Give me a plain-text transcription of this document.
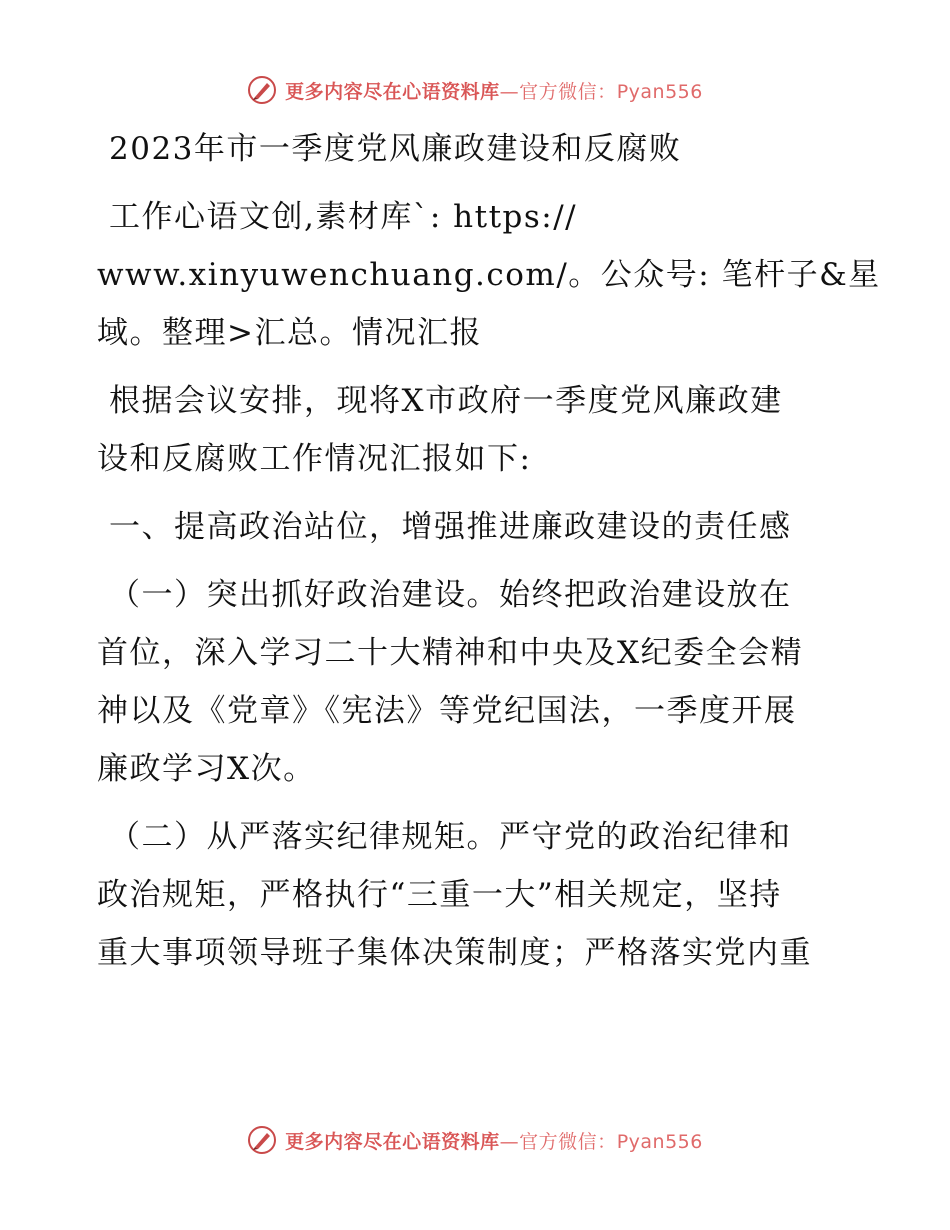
更多内容尽在心语资料库—官方微信：Pyan556
2023年市一季度党风廉政建设和反腐败
工作心语文创,素材库`: https://
www.xinyuwenchuang.com/。公众号: 笔杆子&星
域。整理>汇总。情况汇报
根据会议安排，现将X市政府一季度党风廉政建
设和反腐败工作情况汇报如下:
一、提高政治站位，增强推进廉政建设的责任感
（一）突出抓好政治建设。始终把政治建设放在
首位，深入学习二十大精神和中央及X纪委全会精
神以及《党章》《宪法》等党纪国法，一季度开展
廉政学习X次。
（二）从严落实纪律规矩。严守党的政治纪律和
政治规矩，严格执行“三重一大”相关规定，坚持
重大事项领导班子集体决策制度；严格落实党内重
更多内容尽在心语资料库—官方微信：Pyan556
